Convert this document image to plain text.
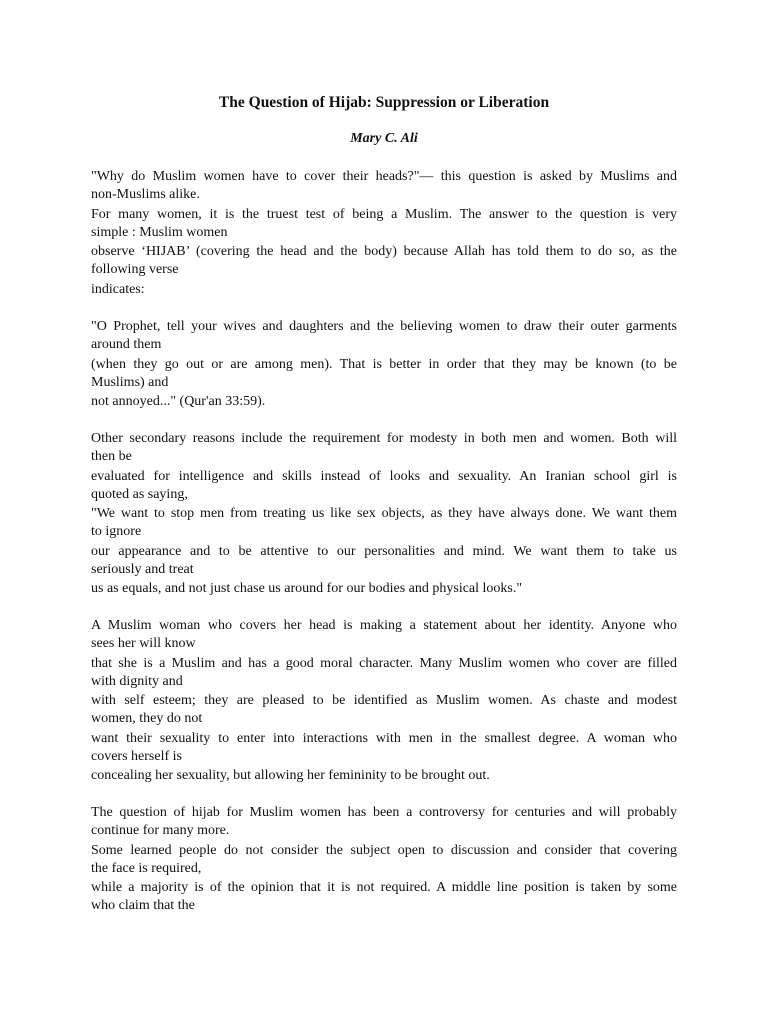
The Question of Hijab: Suppression or Liberation

Mary C. Ali

"Why do Muslim women have to cover their heads?"— this question is asked by Muslims and

non-Muslims alike.

For many women, it is the truest test of being a Muslim. The answer to the question is very

simple : Muslim women

observe ‘HIJAB’ (covering the head and the body) because Allah has told them to do so, as the

following verse

indicates:

"O Prophet, tell your wives and daughters and the believing women to draw their outer garments

around them

(when they go out or are among men). That is better in order that they may be known (to be

Muslims) and

not annoyed..." (Qur'an 33:59).

Other secondary reasons include the requirement for modesty in both men and women. Both will

then be

evaluated for intelligence and skills instead of looks and sexuality. An Iranian school girl is

quoted as saying,

"We want to stop men from treating us like sex objects, as they have always done. We want them

to ignore

our appearance and to be attentive to our personalities and mind. We want them to take us

seriously and treat

us as equals, and not just chase us around for our bodies and physical looks."

A Muslim woman who covers her head is making a statement about her identity. Anyone who

sees her will know

that she is a Muslim and has a good moral character. Many Muslim women who cover are filled

with dignity and

with self esteem; they are pleased to be identified as Muslim women. As chaste and modest

women, they do not

want their sexuality to enter into interactions with men in the smallest degree. A woman who

covers herself is

concealing her sexuality, but allowing her femininity to be brought out.

The question of hijab for Muslim women has been a controversy for centuries and will probably

continue for many more.

Some learned people do not consider the subject open to discussion and consider that covering

the face is required,

while a majority is of the opinion that it is not required. A middle line position is taken by some

who claim that the
